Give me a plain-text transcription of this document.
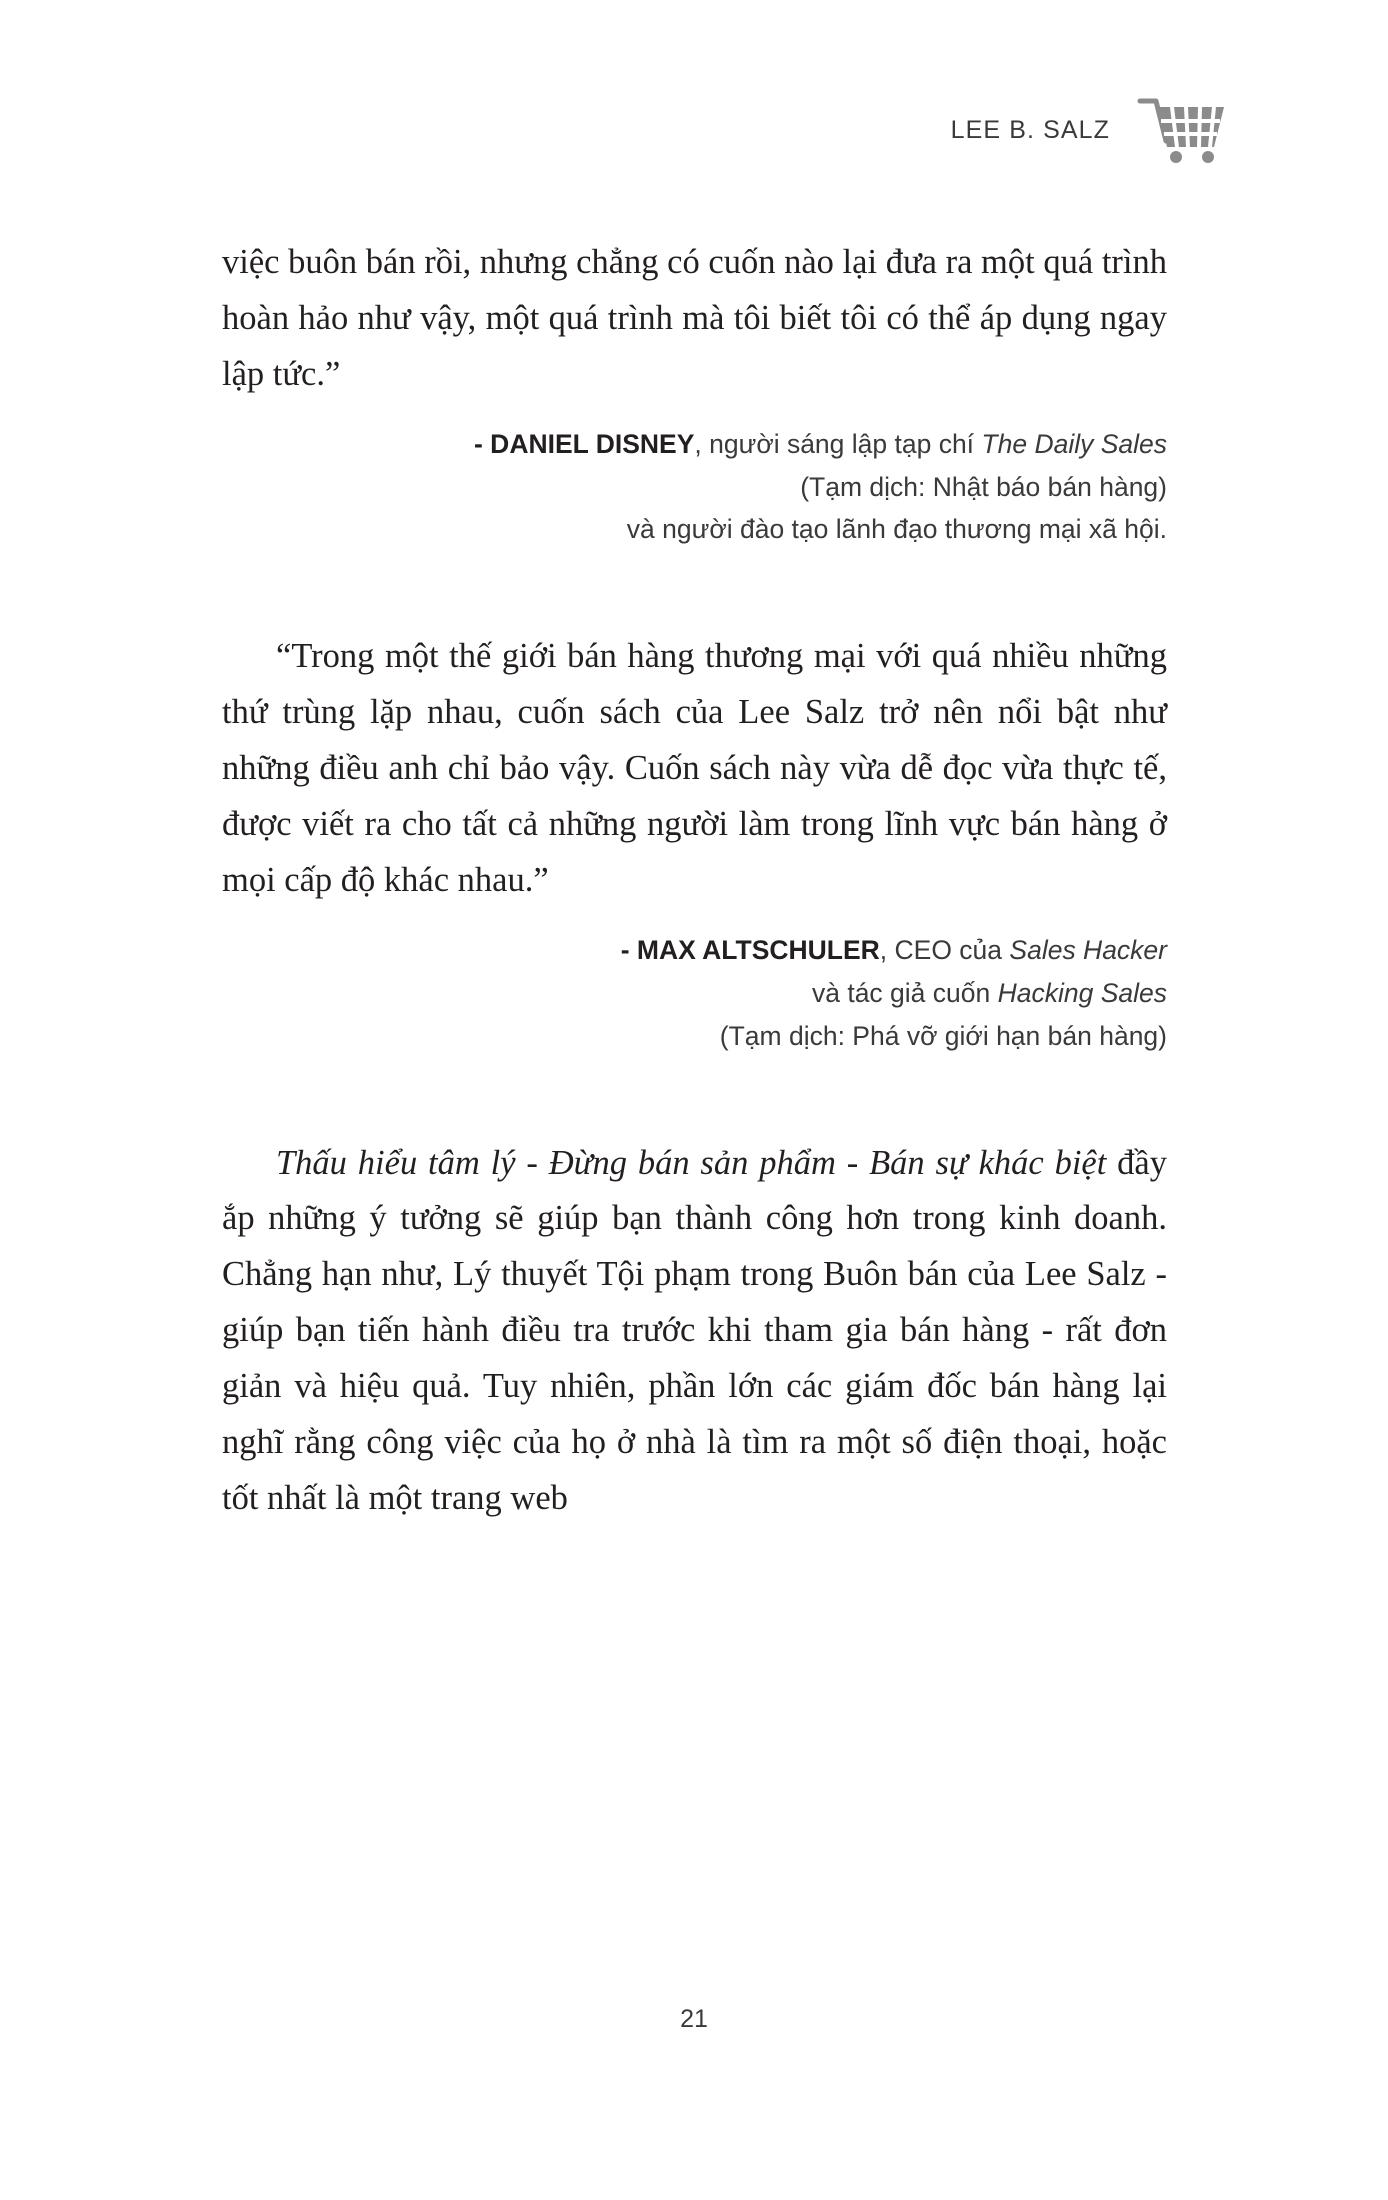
LEE B. SALZ

việc buôn bán rồi, nhưng chẳng có cuốn nào lại đưa ra một quá trình hoàn hảo như vậy, một quá trình mà tôi biết tôi có thể áp dụng ngay lập tức.”

- DANIEL DISNEY, người sáng lập tạp chí The Daily Sales
(Tạm dịch: Nhật báo bán hàng)
và người đào tạo lãnh đạo thương mại xã hội.

“Trong một thế giới bán hàng thương mại với quá nhiều những thứ trùng lặp nhau, cuốn sách của Lee Salz trở nên nổi bật như những điều anh chỉ bảo vậy. Cuốn sách này vừa dễ đọc vừa thực tế, được viết ra cho tất cả những người làm trong lĩnh vực bán hàng ở mọi cấp độ khác nhau.”

- MAX ALTSCHULER, CEO của Sales Hacker
và tác giả cuốn Hacking Sales
(Tạm dịch: Phá vỡ giới hạn bán hàng)

Thấu hiểu tâm lý - Đừng bán sản phẩm - Bán sự khác biệt đầy ắp những ý tưởng sẽ giúp bạn thành công hơn trong kinh doanh. Chẳng hạn như, Lý thuyết Tội phạm trong Buôn bán của Lee Salz - giúp bạn tiến hành điều tra trước khi tham gia bán hàng - rất đơn giản và hiệu quả. Tuy nhiên, phần lớn các giám đốc bán hàng lại nghĩ rằng công việc của họ ở nhà là tìm ra một số điện thoại, hoặc tốt nhất là một trang web

21
